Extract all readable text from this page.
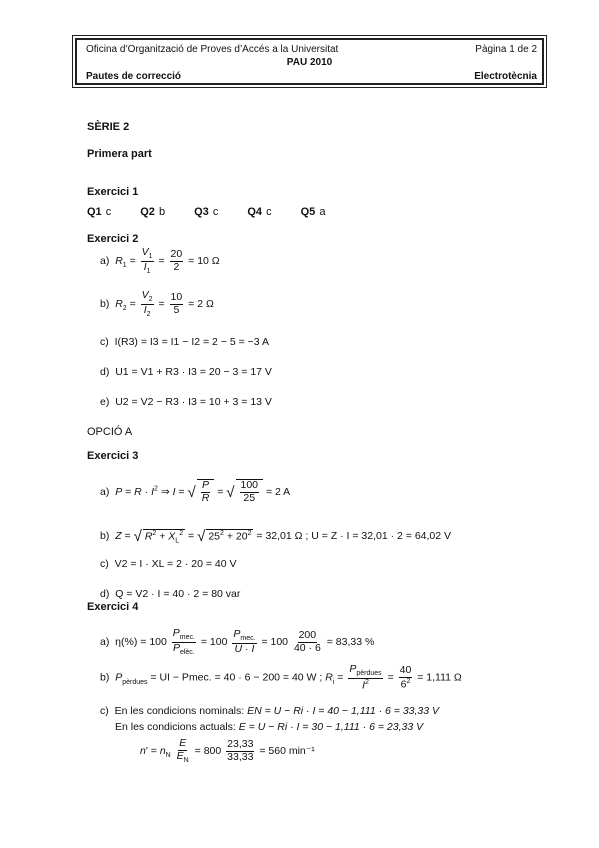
Oficina d’Organització de Proves d’Accés a la Universitat	Pàgina 1 de 2
PAU 2010
Pautes de correcció	Electrotècnia
SÈRIE 2
Primera part
Exercici 1
Q1 c	Q2 b	Q3 c	Q4 c	Q5 a
Exercici 2
a) $R_1 = \frac{V_1}{I_1} = \frac{20}{2} = 10$ Ω
b) $R_2 = \frac{V_2}{I_2} = \frac{10}{5} = 2$ Ω
c) I(R3) = I3 = I1 − I2 = 2 − 5 = −3 A
d) U1 = V1 + R3 · I3 = 20 − 3 = 17 V
e) U2 = V2 − R3 · I3 = 10 + 3 = 13 V
OPCIÓ A
Exercici 3
a) $P = R \cdot I^2$ ⇒ I = √ $\frac{P}{R}$ = √ $\frac{100}{25} = 2$ A
b) Z = √ $R^2 + X_L^2$ = √ $25^2 + 20^2 = 32,01$ Ω ; U = Z · I = 32,01 · 2 = 64,02 V
c) V2 = I · XL = 2 · 20 = 40 V
d) Q = V2 · I = 40 · 2 = 80 var
Exercici 4
a)  $\eta(\%) = 100 \frac{P_{mec.}}{P_{elèc.}} = 100 \frac{P_{mec.}}{U \cdot I} = 100 \frac{200}{40 \cdot 6} = 83,33$ %
b) $P_{pèrdues}$ = UI − Pmec. = 40 · 6 − 200 = 40 W ; $R_i = \frac{P_{pèrdues}}{I^2} = \frac{40}{6^2} = 1,111$ Ω
c) En les condicions nominals: EN = U − Ri · I = 40 − 1,111 · 6 = 33,33 V
En les condicions actuals: E = U − Ri · I = 30 − 1,111 · 6 = 23,33 V
$n' = n_N \frac{E}{E_N} = 800 \frac{23,33}{33,33} = 560$ min⁻¹
